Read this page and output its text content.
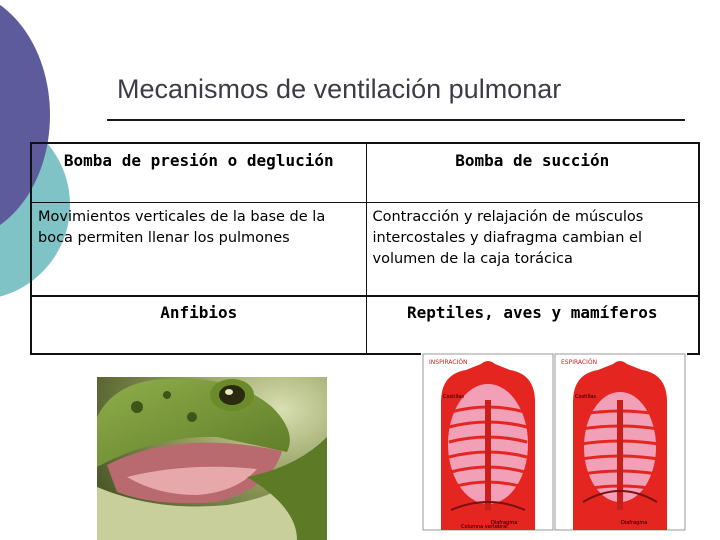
Mecanismos de ventilación pulmonar
Bomba de presión o deglución	Bomba de succión
Movimientos verticales de la base de la boca permiten llenar los pulmones	Contracción y relajación de músculos intercostales y diafragma cambian el volumen de la caja torácica
Anfibios	Reptiles, aves y mamíferos
INSPIRACIÓN	ESPIRACIÓN
Costillas
Diafragma
Costillas
Columna vertebral
Diafragma
